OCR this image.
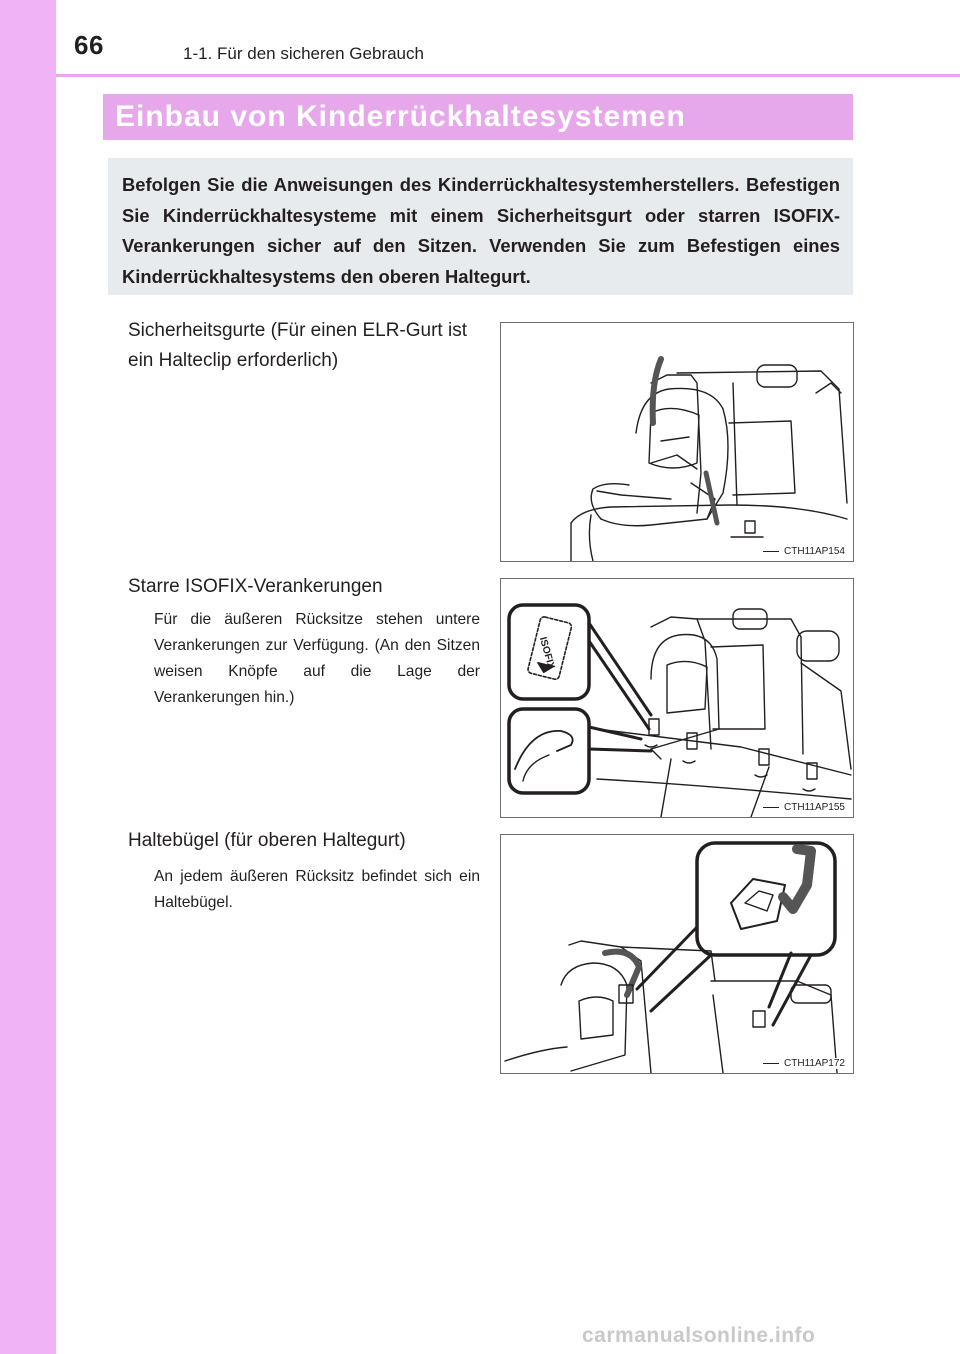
66	1-1. Für den sicheren Gebrauch
Einbau von Kinderrückhaltesystemen
Befolgen Sie die Anweisungen des Kinderrückhaltesystemherstellers. Befestigen Sie Kinderrückhaltesysteme mit einem Sicherheitsgurt oder starren ISOFIX-Verankerungen sicher auf den Sitzen. Verwenden Sie zum Befestigen eines Kinderrückhaltesystems den oberen Haltegurt.
Sicherheitsgurte (Für einen ELR-Gurt ist ein Halteclip erforderlich)
CTH11AP154
Starre ISOFIX-Verankerungen
Für die äußeren Rücksitze stehen untere Verankerungen zur Verfügung. (An den Sitzen weisen Knöpfe auf die Lage der Verankerungen hin.)
ISOFIX
CTH11AP155
Haltebügel (für oberen Haltegurt)
An jedem äußeren Rücksitz befindet sich ein Haltebügel.
CTH11AP172
carmanualsonline.info
